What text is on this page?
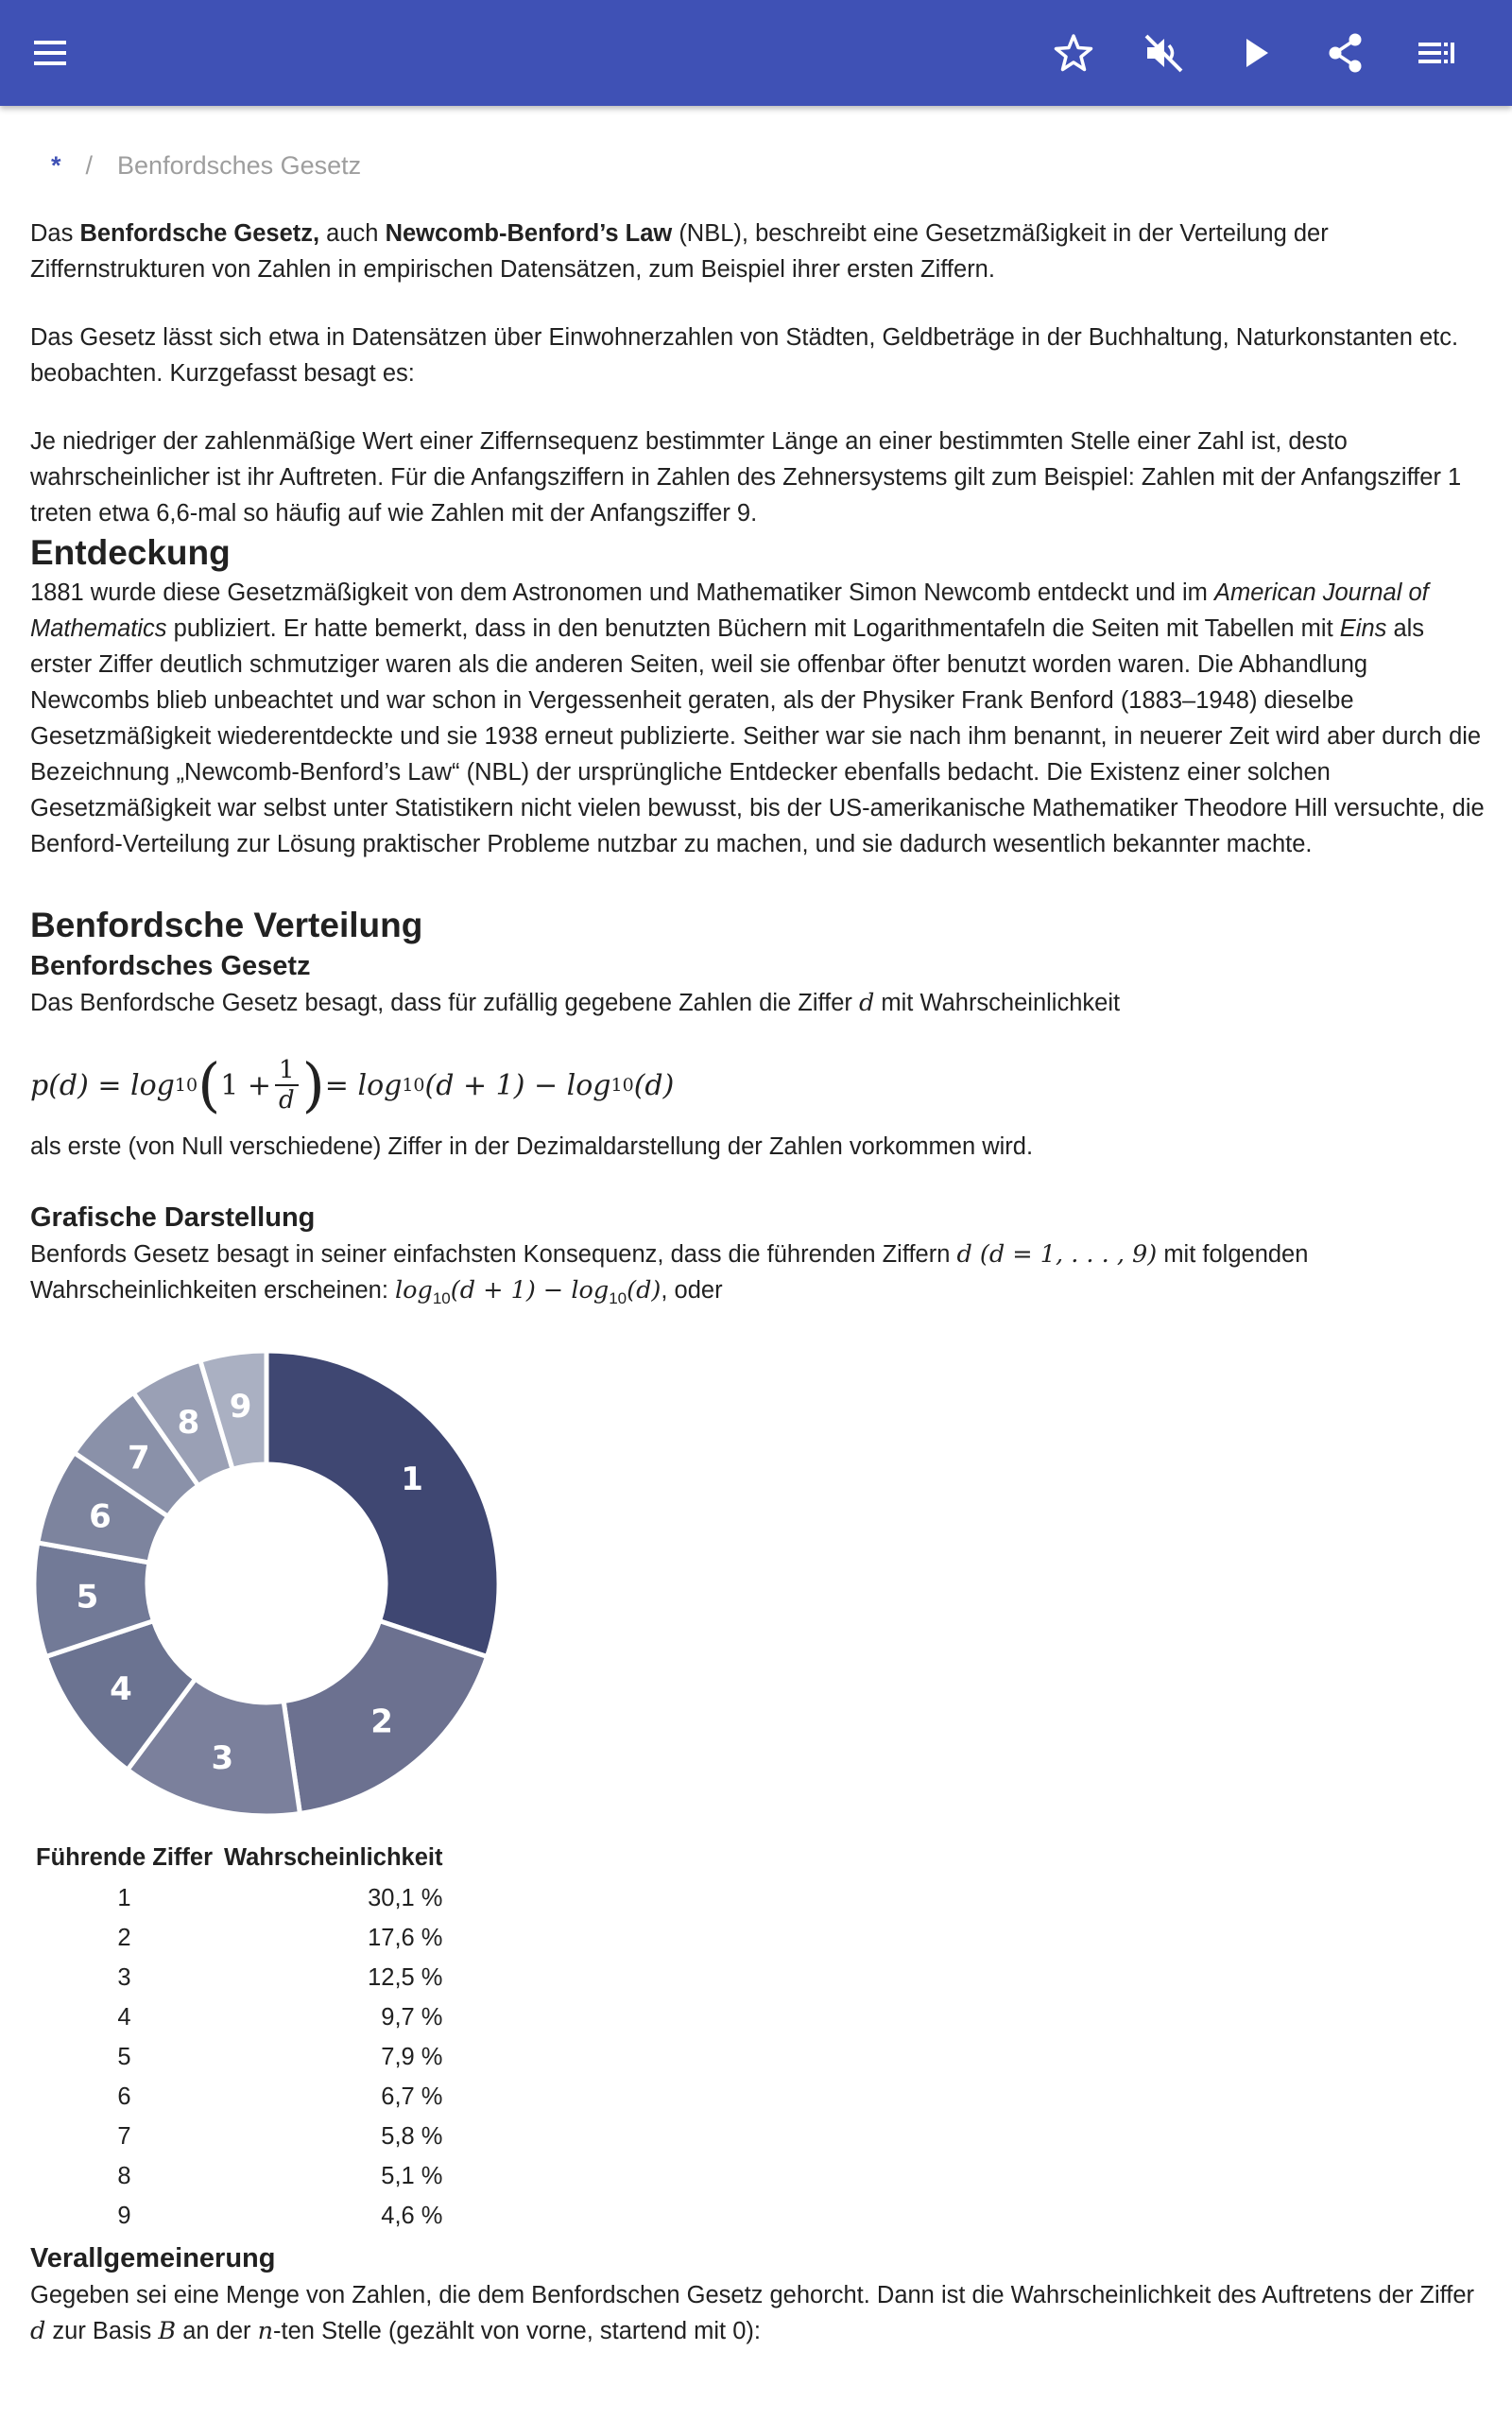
* / Benfordsches Gesetz

Das Benfordsche Gesetz, auch Newcomb-Benford’s Law (NBL), beschreibt eine Gesetzmäßigkeit in der Verteilung der Ziffernstrukturen von Zahlen in empirischen Datensätzen, zum Beispiel ihrer ersten Ziffern.

Das Gesetz lässt sich etwa in Datensätzen über Einwohnerzahlen von Städten, Geldbeträge in der Buchhaltung, Naturkonstanten etc. beobachten. Kurzgefasst besagt es:

Je niedriger der zahlenmäßige Wert einer Ziffernsequenz bestimmter Länge an einer bestimmten Stelle einer Zahl ist, desto wahrscheinlicher ist ihr Auftreten. Für die Anfangsziffern in Zahlen des Zehnersystems gilt zum Beispiel: Zahlen mit der Anfangsziffer 1 treten etwa 6,6-mal so häufig auf wie Zahlen mit der Anfangsziffer 9.

Entdeckung

1881 wurde diese Gesetzmäßigkeit von dem Astronomen und Mathematiker Simon Newcomb entdeckt und im American Journal of Mathematics publiziert. Er hatte bemerkt, dass in den benutzten Büchern mit Logarithmentafeln die Seiten mit Tabellen mit Eins als erster Ziffer deutlich schmutziger waren als die anderen Seiten, weil sie offenbar öfter benutzt worden waren. Die Abhandlung Newcombs blieb unbeachtet und war schon in Vergessenheit geraten, als der Physiker Frank Benford (1883–1948) dieselbe Gesetzmäßigkeit wiederentdeckte und sie 1938 erneut publizierte. Seither war sie nach ihm benannt, in neuerer Zeit wird aber durch die Bezeichnung „Newcomb-Benford’s Law“ (NBL) der ursprüngliche Entdecker ebenfalls bedacht. Die Existenz einer solchen Gesetzmäßigkeit war selbst unter Statistikern nicht vielen bewusst, bis der US-amerikanische Mathematiker Theodore Hill versuchte, die Benford-Verteilung zur Lösung praktischer Probleme nutzbar zu machen, und sie dadurch wesentlich bekannter machte.

Benfordsche Verteilung
Benfordsches Gesetz

Das Benfordsche Gesetz besagt, dass für zufällig gegebene Zahlen die Ziffer d mit Wahrscheinlichkeit

p(d) = log 10 ( $1 + \frac{1}{d}$ ) = log 10 (d + 1) − log 10 (d)

als erste (von Null verschiedene) Ziffer in der Dezimaldarstellung der Zahlen vorkommen wird.

Grafische Darstellung

Benfords Gesetz besagt in seiner einfachsten Konsequenz, dass die führenden Ziffern d (d = 1, . . . , 9) mit folgenden Wahrscheinlichkeiten erscheinen: $\log_{10}(d + 1) - \log_{10}(d)$, oder

1
2
3
4
5
6
7
8 9
Führende Ziffer	Wahrscheinlichkeit
1	30,1 %
2	17,6 %
3	12,5 %
4	9,7 %
5	7,9 %
6	6,7 %
7	5,8 %
8	5,1 %
9	4,6 %
Verallgemeinerung

Gegeben sei eine Menge von Zahlen, die dem Benfordschen Gesetz gehorcht. Dann ist die Wahrscheinlichkeit des Auftretens der Ziffer d zur Basis B an der n-ten Stelle (gezählt von vorne, startend mit 0):
